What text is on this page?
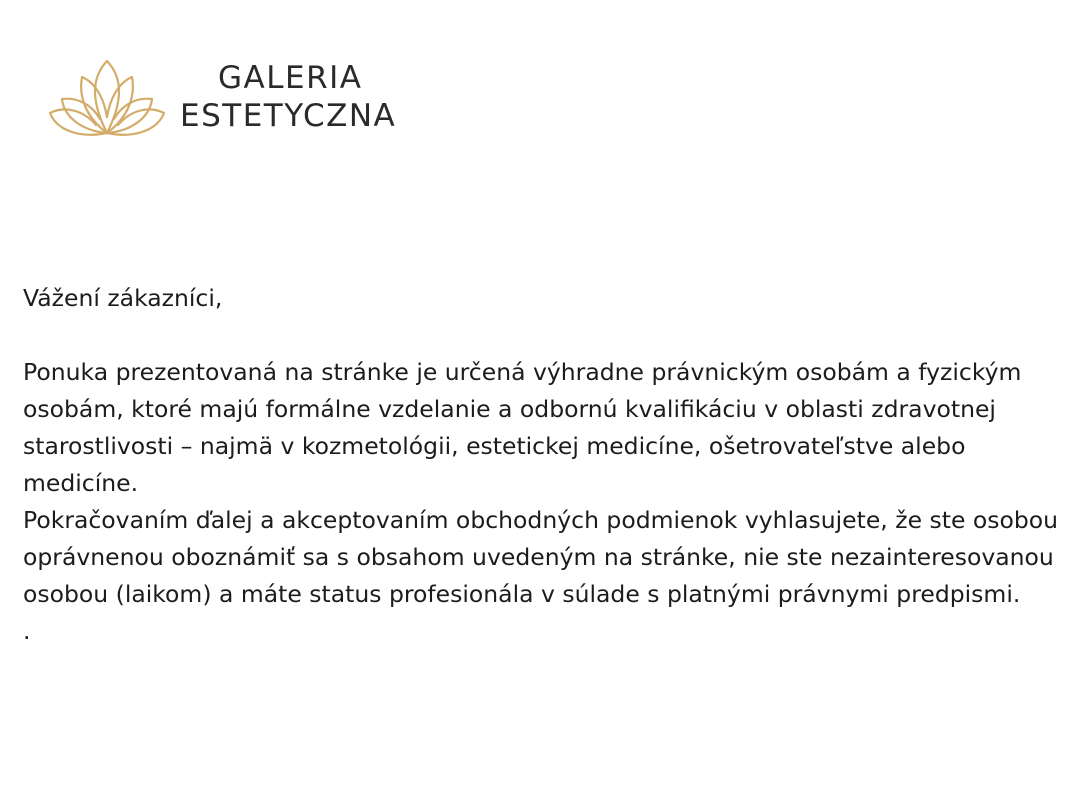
GALERIA
ESTETYCZNA

Vážení zákazníci,

Ponuka prezentovaná na stránke je určená výhradne právnickým osobám a fyzickým osobám, ktoré majú formálne vzdelanie a odbornú kvalifikáciu v oblasti zdravotnej starostlivosti – najmä v kozmetológii, estetickej medicíne, ošetrovateľstve alebo medicíne.

Pokračovaním ďalej a akceptovaním obchodných podmienok vyhlasujete, že ste osobou oprávnenou oboznámiť sa s obsahom uvedeným na stránke, nie ste nezainteresovanou osobou (laikom) a máte status profesionála v súlade s platnými právnymi predpismi.

.
